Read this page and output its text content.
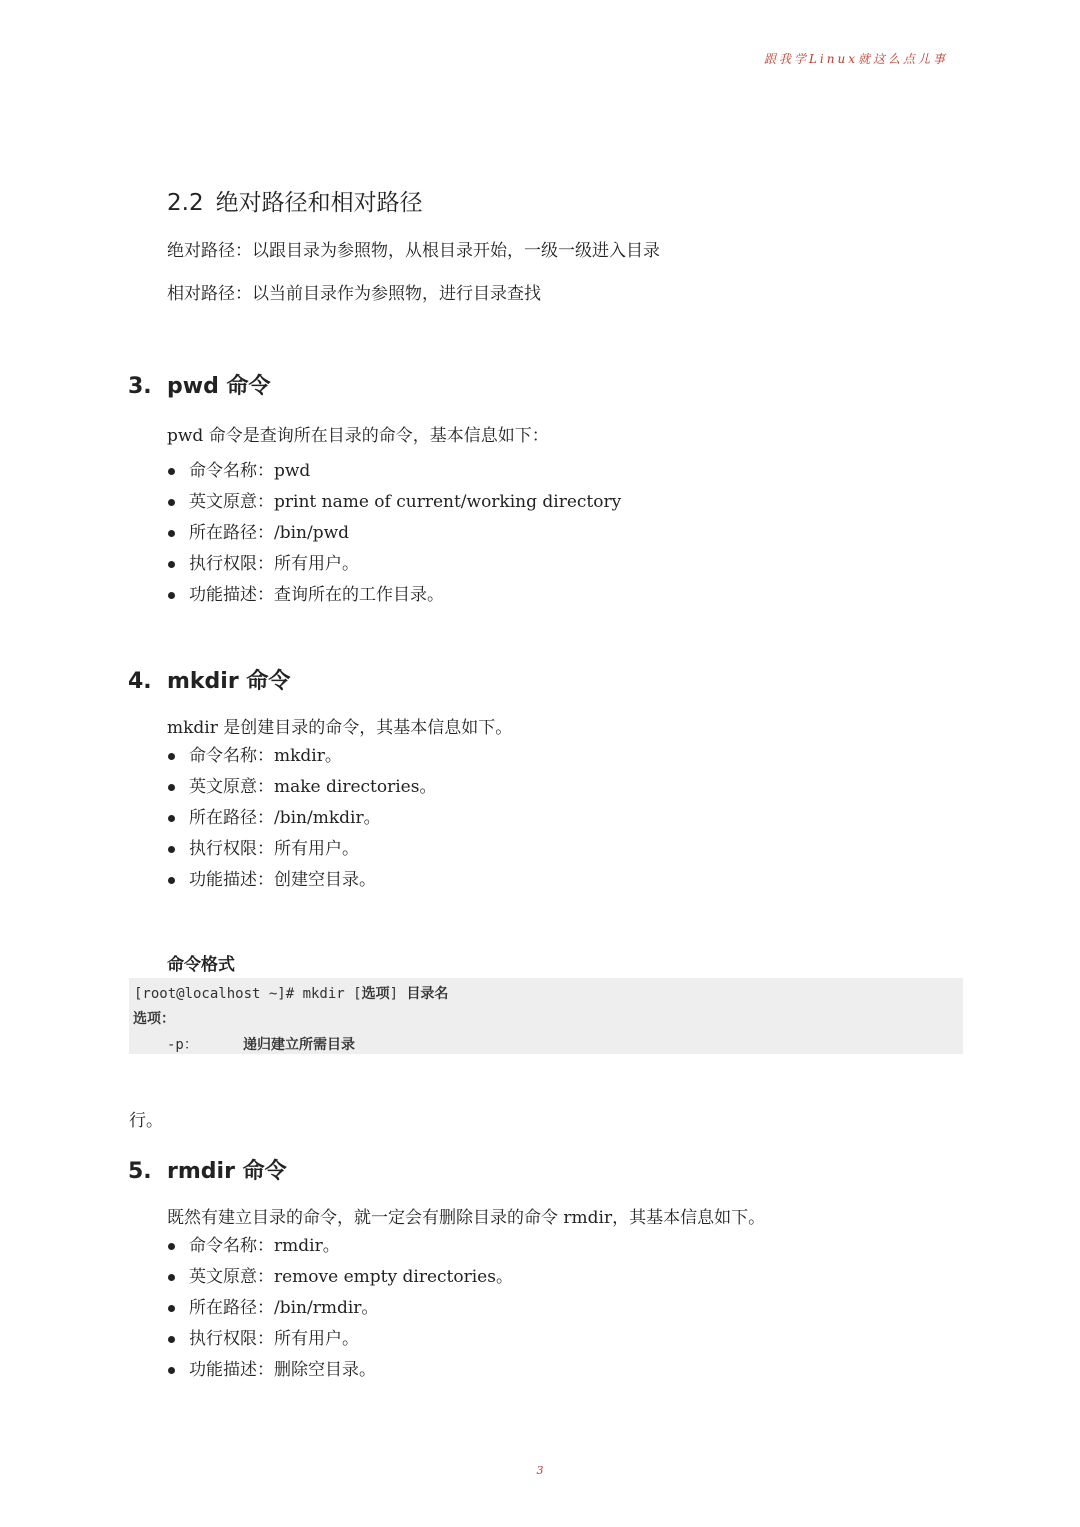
跟我学Linux就这么点儿事
2.2 绝对路径和相对路径
绝对路径：以跟目录为参照物，从根目录开始，一级一级进入目录
相对路径：以当前目录作为参照物，进行目录查找
3. pwd 命令
pwd 命令是查询所在目录的命令，基本信息如下：
命令名称：pwd
英文原意：print name of current/working directory
所在路径：/bin/pwd
执行权限：所有用户。
功能描述：查询所在的工作目录。
4. mkdir 命令
mkdir 是创建目录的命令，其基本信息如下。
命令名称：mkdir。
英文原意：make directories。
所在路径：/bin/mkdir。
执行权限：所有用户。
功能描述：创建空目录。
命令格式
[root@localhost ~]# mkdir [选项] 目录名
选项：
-p：	递归建立所需目录
行。
5. rmdir 命令
既然有建立目录的命令，就一定会有删除目录的命令 rmdir，其基本信息如下。
命令名称：rmdir。
英文原意：remove empty directories。
所在路径：/bin/rmdir。
执行权限：所有用户。
功能描述：删除空目录。
3
